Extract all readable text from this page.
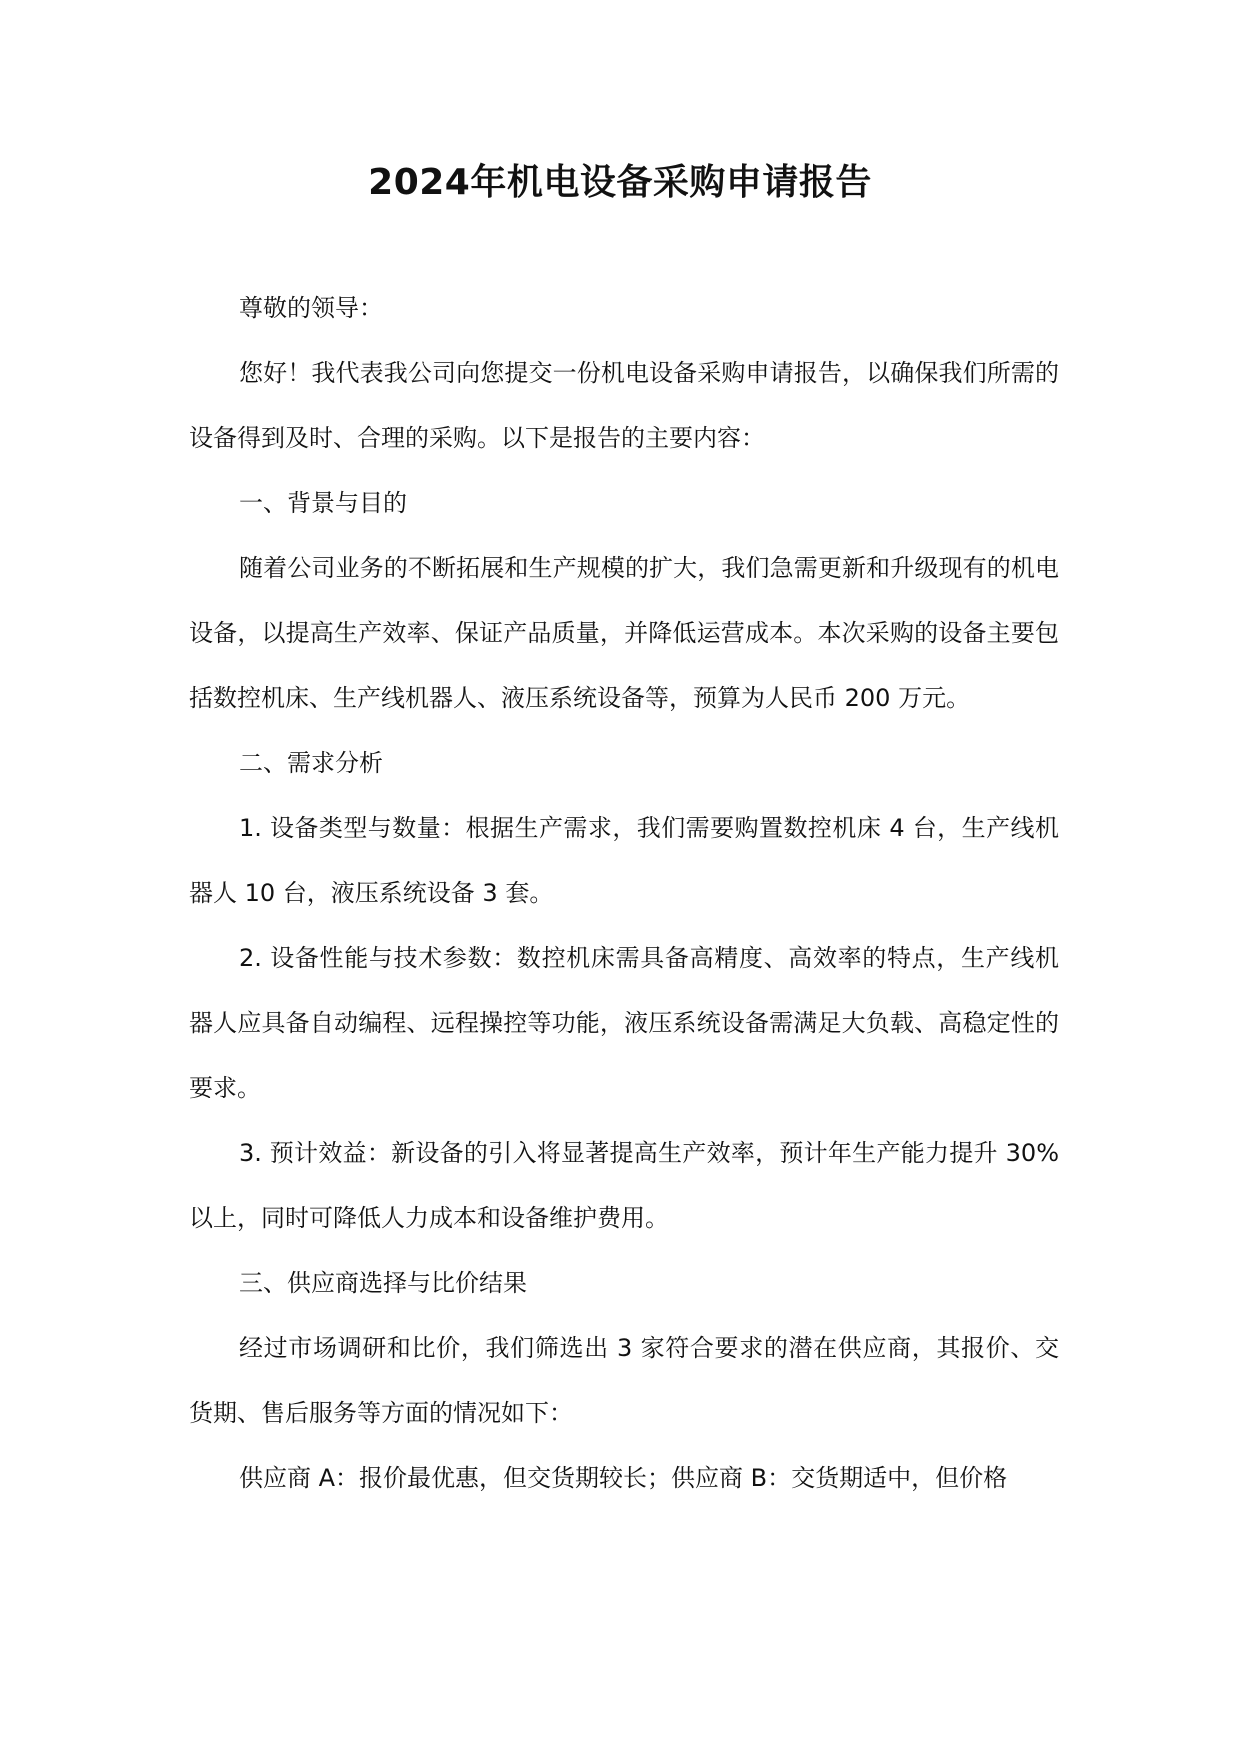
2024年机电设备采购申请报告

尊敬的领导：

您好！我代表我公司向您提交一份机电设备采购申请报告，以确保我们所需的设备得到及时、合理的采购。以下是报告的主要内容：

一、背景与目的

随着公司业务的不断拓展和生产规模的扩大，我们急需更新和升级现有的机电设备，以提高生产效率、保证产品质量，并降低运营成本。本次采购的设备主要包括数控机床、生产线机器人、液压系统设备等，预算为人民币 200 万元。

二、需求分析

1. 设备类型与数量：根据生产需求，我们需要购置数控机床 4 台，生产线机器人 10 台，液压系统设备 3 套。

2. 设备性能与技术参数：数控机床需具备高精度、高效率的特点，生产线机器人应具备自动编程、远程操控等功能，液压系统设备需满足大负载、高稳定性的要求。

3. 预计效益：新设备的引入将显著提高生产效率，预计年生产能力提升 30%以上，同时可降低人力成本和设备维护费用。

三、供应商选择与比价结果

经过市场调研和比价，我们筛选出 3 家符合要求的潜在供应商，其报价、交货期、售后服务等方面的情况如下：

供应商 A：报价最优惠，但交货期较长；供应商 B：交货期适中，但价格
